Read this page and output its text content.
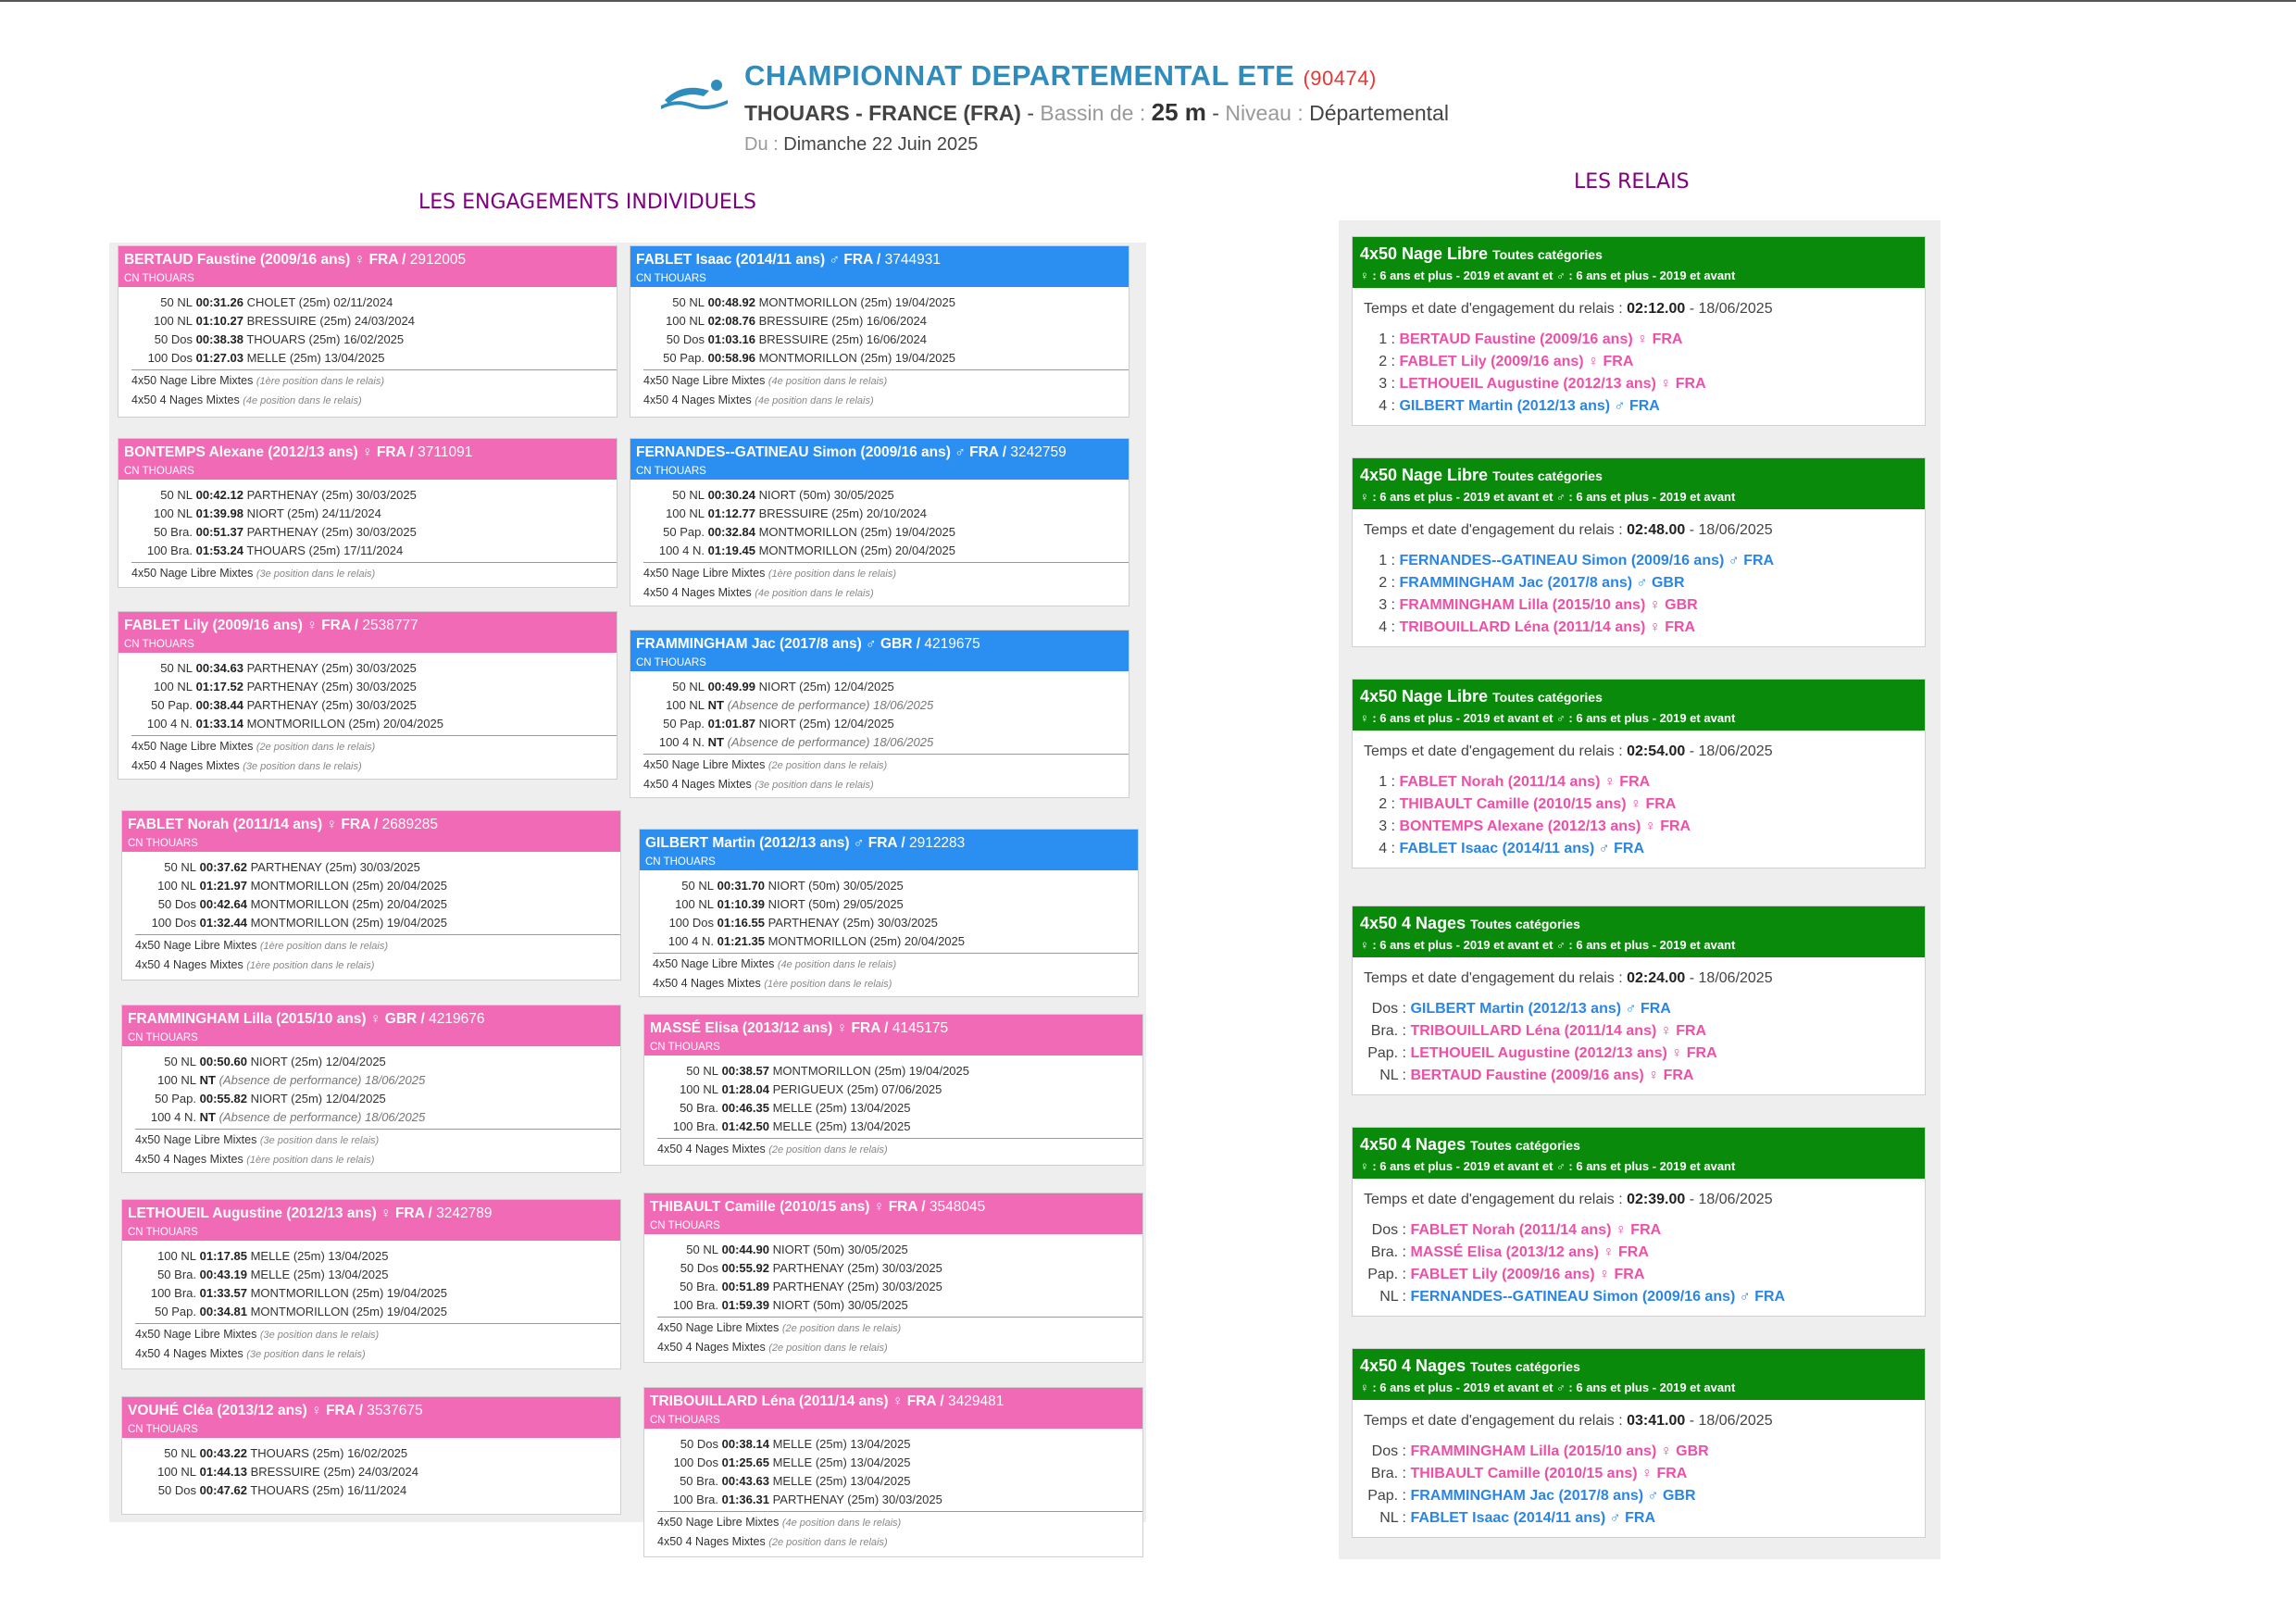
CHAMPIONNAT DEPARTEMENTAL ETE (90474)
THOUARS - FRANCE (FRA) - Bassin de : 25 m - Niveau : Départemental
Du : Dimanche 22 Juin 2025
LES ENGAGEMENTS INDIVIDUELS
LES RELAIS
BERTAUD Faustine (2009/16 ans) ♀ FRA / 2912005
CN THOUARS
50 NL 00:31.26 CHOLET (25m) 02/11/2024
100 NL 01:10.27 BRESSUIRE (25m) 24/03/2024
50 Dos 00:38.38 THOUARS (25m) 16/02/2025
100 Dos 01:27.03 MELLE (25m) 13/04/2025
4x50 Nage Libre Mixtes (1ère position dans le relais)
4x50 4 Nages Mixtes (4e position dans le relais)
BONTEMPS Alexane (2012/13 ans) ♀ FRA / 3711091
CN THOUARS
50 NL 00:42.12 PARTHENAY (25m) 30/03/2025
100 NL 01:39.98 NIORT (25m) 24/11/2024
50 Bra. 00:51.37 PARTHENAY (25m) 30/03/2025
100 Bra. 01:53.24 THOUARS (25m) 17/11/2024
4x50 Nage Libre Mixtes (3e position dans le relais)
FABLET Lily (2009/16 ans) ♀ FRA / 2538777
CN THOUARS
50 NL 00:34.63 PARTHENAY (25m) 30/03/2025
100 NL 01:17.52 PARTHENAY (25m) 30/03/2025
50 Pap. 00:38.44 PARTHENAY (25m) 30/03/2025
100 4 N. 01:33.14 MONTMORILLON (25m) 20/04/2025
4x50 Nage Libre Mixtes (2e position dans le relais)
4x50 4 Nages Mixtes (3e position dans le relais)
FABLET Norah (2011/14 ans) ♀ FRA / 2689285
CN THOUARS
50 NL 00:37.62 PARTHENAY (25m) 30/03/2025
100 NL 01:21.97 MONTMORILLON (25m) 20/04/2025
50 Dos 00:42.64 MONTMORILLON (25m) 20/04/2025
100 Dos 01:32.44 MONTMORILLON (25m) 19/04/2025
4x50 Nage Libre Mixtes (1ère position dans le relais)
4x50 4 Nages Mixtes (1ère position dans le relais)
FRAMMINGHAM Lilla (2015/10 ans) ♀ GBR / 4219676
CN THOUARS
50 NL 00:50.60 NIORT (25m) 12/04/2025
100 NL NT (Absence de performance) 18/06/2025
50 Pap. 00:55.82 NIORT (25m) 12/04/2025
100 4 N. NT (Absence de performance) 18/06/2025
4x50 Nage Libre Mixtes (3e position dans le relais)
4x50 4 Nages Mixtes (1ère position dans le relais)
LETHOUEIL Augustine (2012/13 ans) ♀ FRA / 3242789
CN THOUARS
100 NL 01:17.85 MELLE (25m) 13/04/2025
50 Bra. 00:43.19 MELLE (25m) 13/04/2025
100 Bra. 01:33.57 MONTMORILLON (25m) 19/04/2025
50 Pap. 00:34.81 MONTMORILLON (25m) 19/04/2025
4x50 Nage Libre Mixtes (3e position dans le relais)
4x50 4 Nages Mixtes (3e position dans le relais)
VOUHÉ Cléa (2013/12 ans) ♀ FRA / 3537675
CN THOUARS
50 NL 00:43.22 THOUARS (25m) 16/02/2025
100 NL 01:44.13 BRESSUIRE (25m) 24/03/2024
50 Dos 00:47.62 THOUARS (25m) 16/11/2024
FABLET Isaac (2014/11 ans) ♂ FRA / 3744931
CN THOUARS
50 NL 00:48.92 MONTMORILLON (25m) 19/04/2025
100 NL 02:08.76 BRESSUIRE (25m) 16/06/2024
50 Dos 01:03.16 BRESSUIRE (25m) 16/06/2024
50 Pap. 00:58.96 MONTMORILLON (25m) 19/04/2025
4x50 Nage Libre Mixtes (4e position dans le relais)
4x50 4 Nages Mixtes (4e position dans le relais)
FERNANDES--GATINEAU Simon (2009/16 ans) ♂ FRA / 3242759
CN THOUARS
50 NL 00:30.24 NIORT (50m) 30/05/2025
100 NL 01:12.77 BRESSUIRE (25m) 20/10/2024
50 Pap. 00:32.84 MONTMORILLON (25m) 19/04/2025
100 4 N. 01:19.45 MONTMORILLON (25m) 20/04/2025
4x50 Nage Libre Mixtes (1ère position dans le relais)
4x50 4 Nages Mixtes (4e position dans le relais)
FRAMMINGHAM Jac (2017/8 ans) ♂ GBR / 4219675
CN THOUARS
50 NL 00:49.99 NIORT (25m) 12/04/2025
100 NL NT (Absence de performance) 18/06/2025
50 Pap. 01:01.87 NIORT (25m) 12/04/2025
100 4 N. NT (Absence de performance) 18/06/2025
4x50 Nage Libre Mixtes (2e position dans le relais)
4x50 4 Nages Mixtes (3e position dans le relais)
GILBERT Martin (2012/13 ans) ♂ FRA / 2912283
CN THOUARS
50 NL 00:31.70 NIORT (50m) 30/05/2025
100 NL 01:10.39 NIORT (50m) 29/05/2025
100 Dos 01:16.55 PARTHENAY (25m) 30/03/2025
100 4 N. 01:21.35 MONTMORILLON (25m) 20/04/2025
4x50 Nage Libre Mixtes (4e position dans le relais)
4x50 4 Nages Mixtes (1ère position dans le relais)
MASSÉ Elisa (2013/12 ans) ♀ FRA / 4145175
CN THOUARS
50 NL 00:38.57 MONTMORILLON (25m) 19/04/2025
100 NL 01:28.04 PERIGUEUX (25m) 07/06/2025
50 Bra. 00:46.35 MELLE (25m) 13/04/2025
100 Bra. 01:42.50 MELLE (25m) 13/04/2025
4x50 4 Nages Mixtes (2e position dans le relais)
THIBAULT Camille (2010/15 ans) ♀ FRA / 3548045
CN THOUARS
50 NL 00:44.90 NIORT (50m) 30/05/2025
50 Dos 00:55.92 PARTHENAY (25m) 30/03/2025
50 Bra. 00:51.89 PARTHENAY (25m) 30/03/2025
100 Bra. 01:59.39 NIORT (50m) 30/05/2025
4x50 Nage Libre Mixtes (2e position dans le relais)
4x50 4 Nages Mixtes (2e position dans le relais)
TRIBOUILLARD Léna (2011/14 ans) ♀ FRA / 3429481
CN THOUARS
50 Dos 00:38.14 MELLE (25m) 13/04/2025
100 Dos 01:25.65 MELLE (25m) 13/04/2025
50 Bra. 00:43.63 MELLE (25m) 13/04/2025
100 Bra. 01:36.31 PARTHENAY (25m) 30/03/2025
4x50 Nage Libre Mixtes (4e position dans le relais)
4x50 4 Nages Mixtes (2e position dans le relais)
4x50 Nage Libre Toutes catégories
♀ : 6 ans et plus - 2019 et avant et ♂ : 6 ans et plus - 2019 et avant
Temps et date d'engagement du relais : 02:12.00 - 18/06/2025
1 : BERTAUD Faustine (2009/16 ans) ♀ FRA
2 : FABLET Lily (2009/16 ans) ♀ FRA
3 : LETHOUEIL Augustine (2012/13 ans) ♀ FRA
4 : GILBERT Martin (2012/13 ans) ♂ FRA
4x50 Nage Libre Toutes catégories
♀ : 6 ans et plus - 2019 et avant et ♂ : 6 ans et plus - 2019 et avant
Temps et date d'engagement du relais : 02:48.00 - 18/06/2025
1 : FERNANDES--GATINEAU Simon (2009/16 ans) ♂ FRA
2 : FRAMMINGHAM Jac (2017/8 ans) ♂ GBR
3 : FRAMMINGHAM Lilla (2015/10 ans) ♀ GBR
4 : TRIBOUILLARD Léna (2011/14 ans) ♀ FRA
4x50 Nage Libre Toutes catégories
♀ : 6 ans et plus - 2019 et avant et ♂ : 6 ans et plus - 2019 et avant
Temps et date d'engagement du relais : 02:54.00 - 18/06/2025
1 : FABLET Norah (2011/14 ans) ♀ FRA
2 : THIBAULT Camille (2010/15 ans) ♀ FRA
3 : BONTEMPS Alexane (2012/13 ans) ♀ FRA
4 : FABLET Isaac (2014/11 ans) ♂ FRA
4x50 4 Nages Toutes catégories
♀ : 6 ans et plus - 2019 et avant et ♂ : 6 ans et plus - 2019 et avant
Temps et date d'engagement du relais : 02:24.00 - 18/06/2025
Dos : GILBERT Martin (2012/13 ans) ♂ FRA
Bra. : TRIBOUILLARD Léna (2011/14 ans) ♀ FRA
Pap. : LETHOUEIL Augustine (2012/13 ans) ♀ FRA
NL : BERTAUD Faustine (2009/16 ans) ♀ FRA
4x50 4 Nages Toutes catégories
♀ : 6 ans et plus - 2019 et avant et ♂ : 6 ans et plus - 2019 et avant
Temps et date d'engagement du relais : 02:39.00 - 18/06/2025
Dos : FABLET Norah (2011/14 ans) ♀ FRA
Bra. : MASSÉ Elisa (2013/12 ans) ♀ FRA
Pap. : FABLET Lily (2009/16 ans) ♀ FRA
NL : FERNANDES--GATINEAU Simon (2009/16 ans) ♂ FRA
4x50 4 Nages Toutes catégories
♀ : 6 ans et plus - 2019 et avant et ♂ : 6 ans et plus - 2019 et avant
Temps et date d'engagement du relais : 03:41.00 - 18/06/2025
Dos : FRAMMINGHAM Lilla (2015/10 ans) ♀ GBR
Bra. : THIBAULT Camille (2010/15 ans) ♀ FRA
Pap. : FRAMMINGHAM Jac (2017/8 ans) ♂ GBR
NL : FABLET Isaac (2014/11 ans) ♂ FRA
